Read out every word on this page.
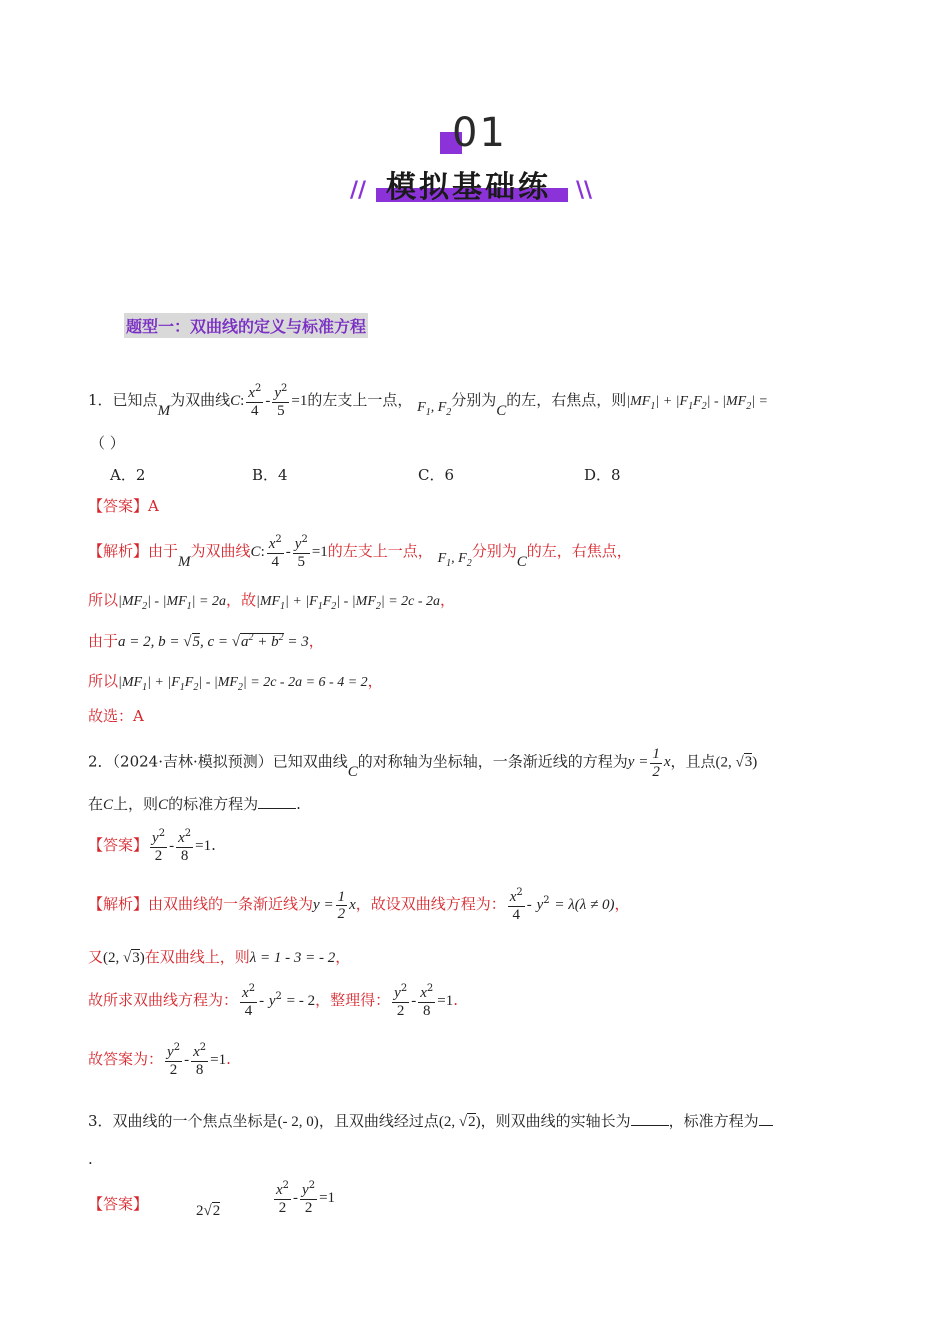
01
模拟基础练
//	\\
题型一：双曲线的定义与标准方程
1．已知点M为双曲线C: $\frac{x^2}{4} - \frac{y^2}{5} =1$的左支上一点， $F_1$, $F_2$分别为C的左，右焦点，则$|MF_1| + |F_1F_2| - |MF_2|$ =
（ ）
A．2	B．4	C．6	D．8
【答案】A
【解析】由于M为双曲线C: $\frac{x^2}{4} - \frac{y^2}{5} =1$的左支上一点， $F_1$, $F_2$分别为C的左，右焦点，
所以$|MF_2| - |MF_1| = 2a$，故$|MF_1| + |F_1F_2| - |MF_2| = 2c - 2a$，
由于a = 2, b = √5, $c = √a^2 + b^2 = 3$，
所以$|MF_1| + |F_1F_2| - |MF_2| = 2c - 2a = 6 - 4 = 2$，
故选：A
2．（2024·吉林·模拟预测）已知双曲线C的对称轴为坐标轴，一条渐近线的方程为$y = \frac{1}{2}$ x，且点(2, √3)
在C上，则C的标准方程为	.
【答案】 $\frac{y^2}{2} - \frac{x^2}{8} =1$.
【解析】由双曲线的一条渐近线为$y = \frac{1}{2}$ x，故设双曲线方程为： $\frac{x^2}{4} - y^2 = \lambda(\lambda \ne 0)$，
又(2, √3)在双曲线上，则λ = 1 - 3 = - 2，
故所求双曲线方程为： $\frac{x^2}{4} - y^2$ = - 2，整理得： $\frac{y^2}{2} - \frac{x^2}{8} =1$.
故答案为： $\frac{y^2}{2} - \frac{x^2}{8} =1$.
3．双曲线的一个焦点坐标是(- 2, 0)，且双曲线经过点(2, √2)，则双曲线的实轴长为	，标准方程为
.
【答案】	2√2	$\frac{x^2}{2} - \frac{y^2}{2} =1$
